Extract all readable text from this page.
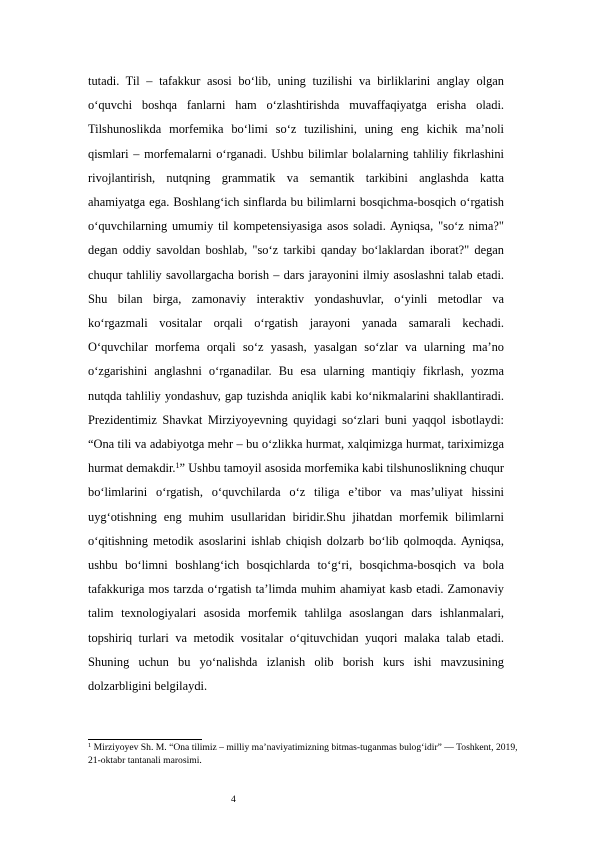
tutadi. Til – tafakkur asosi bo‘lib, uning tuzilishi va birliklarini anglay olgan o‘quvchi boshqa fanlarni ham o‘zlashtirishda muvaffaqiyatga erisha oladi. Tilshunoslikda morfemika bo‘limi so‘z tuzilishini, uning eng kichik ma’noli qismlari – morfemalarni o‘rganadi. Ushbu bilimlar bolalarning tahliliy fikrlashini rivojlantirish, nutqning grammatik va semantik tarkibini anglashda katta ahamiyatga ega. Boshlang‘ich sinflarda bu bilimlarni bosqichma-bosqich o‘rgatish o‘quvchilarning umumiy til kompetensiyasiga asos soladi. Ayniqsa, "so‘z nima?" degan oddiy savoldan boshlab, "so‘z tarkibi qanday bo‘laklardan iborat?" degan chuqur tahliliy savollargacha borish – dars jarayonini ilmiy asoslashni talab etadi. Shu bilan birga, zamonaviy interaktiv yondashuvlar, o‘yinli metodlar va ko‘rgazmali vositalar orqali o‘rgatish jarayoni yanada samarali kechadi. O‘quvchilar morfema orqali so‘z yasash, yasalgan so‘zlar va ularning ma’no o‘zgarishini anglashni o‘rganadilar. Bu esa ularning mantiqiy fikrlash, yozma nutqda tahliliy yondashuv, gap tuzishda aniqlik kabi ko‘nikmalarini shakllantiradi. Prezidentimiz Shavkat Mirziyoyevning quyidagi so‘zlari buni yaqqol isbotlaydi: “Ona tili va adabiyotga mehr – bu o‘zlikka hurmat, xalqimizga hurmat, tariximizga hurmat demakdir.$^1$” Ushbu tamoyil asosida morfemika kabi tilshunoslikning chuqur bo‘limlarini o‘rgatish, o‘quvchilarda o‘z tiliga e’tibor va mas’uliyat hissini uyg‘otishning eng muhim usullaridan biridir.Shu jihatdan morfemik bilimlarni o‘qitishning metodik asoslarini ishlab chiqish dolzarb bo‘lib qolmoqda. Ayniqsa, ushbu bo‘limni boshlang‘ich bosqichlarda to‘g‘ri, bosqichma-bosqich va bola tafakkuriga mos tarzda o‘rgatish ta’limda muhim ahamiyat kasb etadi. Zamonaviy talim texnologiyalari asosida morfemik tahlilga asoslangan dars ishlanmalari, topshiriq turlari va metodik vositalar o‘qituvchidan yuqori malaka talab etadi. Shuning uchun bu yo‘nalishda izlanish olib borish kurs ishi mavzusining dolzarbligini belgilaydi.

$^1$ Mirziyoyev Sh. M. “Ona tilimiz – milliy ma’naviyatimizning bitmas-tuganmas bulog‘idir” — Toshkent, 2019, 21-oktabr tantanali marosimi.

4
